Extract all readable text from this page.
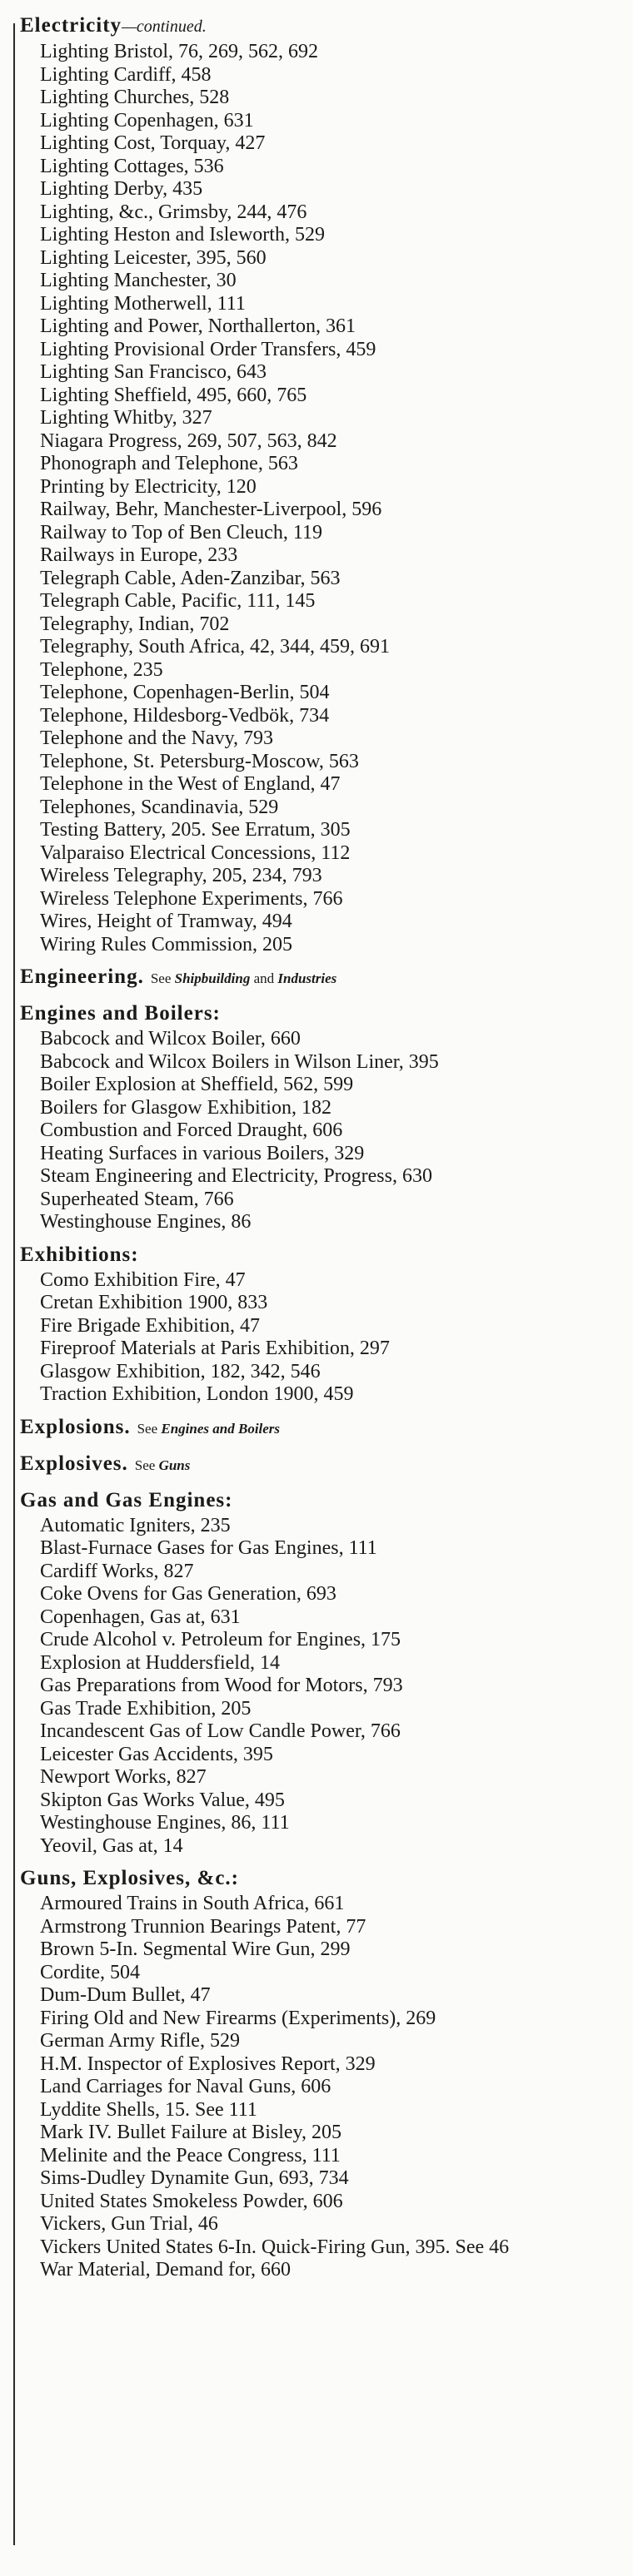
Electricity—continued.
Lighting Bristol, 76, 269, 562, 692
Lighting Cardiff, 458
Lighting Churches, 528
Lighting Copenhagen, 631
Lighting Cost, Torquay, 427
Lighting Cottages, 536
Lighting Derby, 435
Lighting, &c., Grimsby, 244, 476
Lighting Heston and Isleworth, 529
Lighting Leicester, 395, 560
Lighting Manchester, 30
Lighting Motherwell, 111
Lighting and Power, Northallerton, 361
Lighting Provisional Order Transfers, 459
Lighting San Francisco, 643
Lighting Sheffield, 495, 660, 765
Lighting Whitby, 327
Niagara Progress, 269, 507, 563, 842
Phonograph and Telephone, 563
Printing by Electricity, 120
Railway, Behr, Manchester-Liverpool, 596
Railway to Top of Ben Cleuch, 119
Railways in Europe, 233
Telegraph Cable, Aden-Zanzibar, 563
Telegraph Cable, Pacific, 111, 145
Telegraphy, Indian, 702
Telegraphy, South Africa, 42, 344, 459, 691
Telephone, 235
Telephone, Copenhagen-Berlin, 504
Telephone, Hildesborg-Vedbök, 734
Telephone and the Navy, 793
Telephone, St. Petersburg-Moscow, 563
Telephone in the West of England, 47
Telephones, Scandinavia, 529
Testing Battery, 205. See Erratum, 305
Valparaiso Electrical Concessions, 112
Wireless Telegraphy, 205, 234, 793
Wireless Telephone Experiments, 766
Wires, Height of Tramway, 494
Wiring Rules Commission, 205
Engineering. See Shipbuilding and Industries
Engines and Boilers:
Babcock and Wilcox Boiler, 660
Babcock and Wilcox Boilers in Wilson Liner, 395
Boiler Explosion at Sheffield, 562, 599
Boilers for Glasgow Exhibition, 182
Combustion and Forced Draught, 606
Heating Surfaces in various Boilers, 329
Steam Engineering and Electricity, Progress, 630
Superheated Steam, 766
Westinghouse Engines, 86
Exhibitions:
Como Exhibition Fire, 47
Cretan Exhibition 1900, 833
Fire Brigade Exhibition, 47
Fireproof Materials at Paris Exhibition, 297
Glasgow Exhibition, 182, 342, 546
Traction Exhibition, London 1900, 459
Explosions. See Engines and Boilers
Explosives. See Guns
Gas and Gas Engines:
Automatic Igniters, 235
Blast-Furnace Gases for Gas Engines, 111
Cardiff Works, 827
Coke Ovens for Gas Generation, 693
Copenhagen, Gas at, 631
Crude Alcohol v. Petroleum for Engines, 175
Explosion at Huddersfield, 14
Gas Preparations from Wood for Motors, 793
Gas Trade Exhibition, 205
Incandescent Gas of Low Candle Power, 766
Leicester Gas Accidents, 395
Newport Works, 827
Skipton Gas Works Value, 495
Westinghouse Engines, 86, 111
Yeovil, Gas at, 14
Guns, Explosives, &c.:
Armoured Trains in South Africa, 661
Armstrong Trunnion Bearings Patent, 77
Brown 5-In. Segmental Wire Gun, 299
Cordite, 504
Dum-Dum Bullet, 47
Firing Old and New Firearms (Experiments), 269
German Army Rifle, 529
H.M. Inspector of Explosives Report, 329
Land Carriages for Naval Guns, 606
Lyddite Shells, 15. See 111
Mark IV. Bullet Failure at Bisley, 205
Melinite and the Peace Congress, 111
Sims-Dudley Dynamite Gun, 693, 734
United States Smokeless Powder, 606
Vickers, Gun Trial, 46
Vickers United States 6-In. Quick-Firing Gun, 395. See 46
War Material, Demand for, 660
